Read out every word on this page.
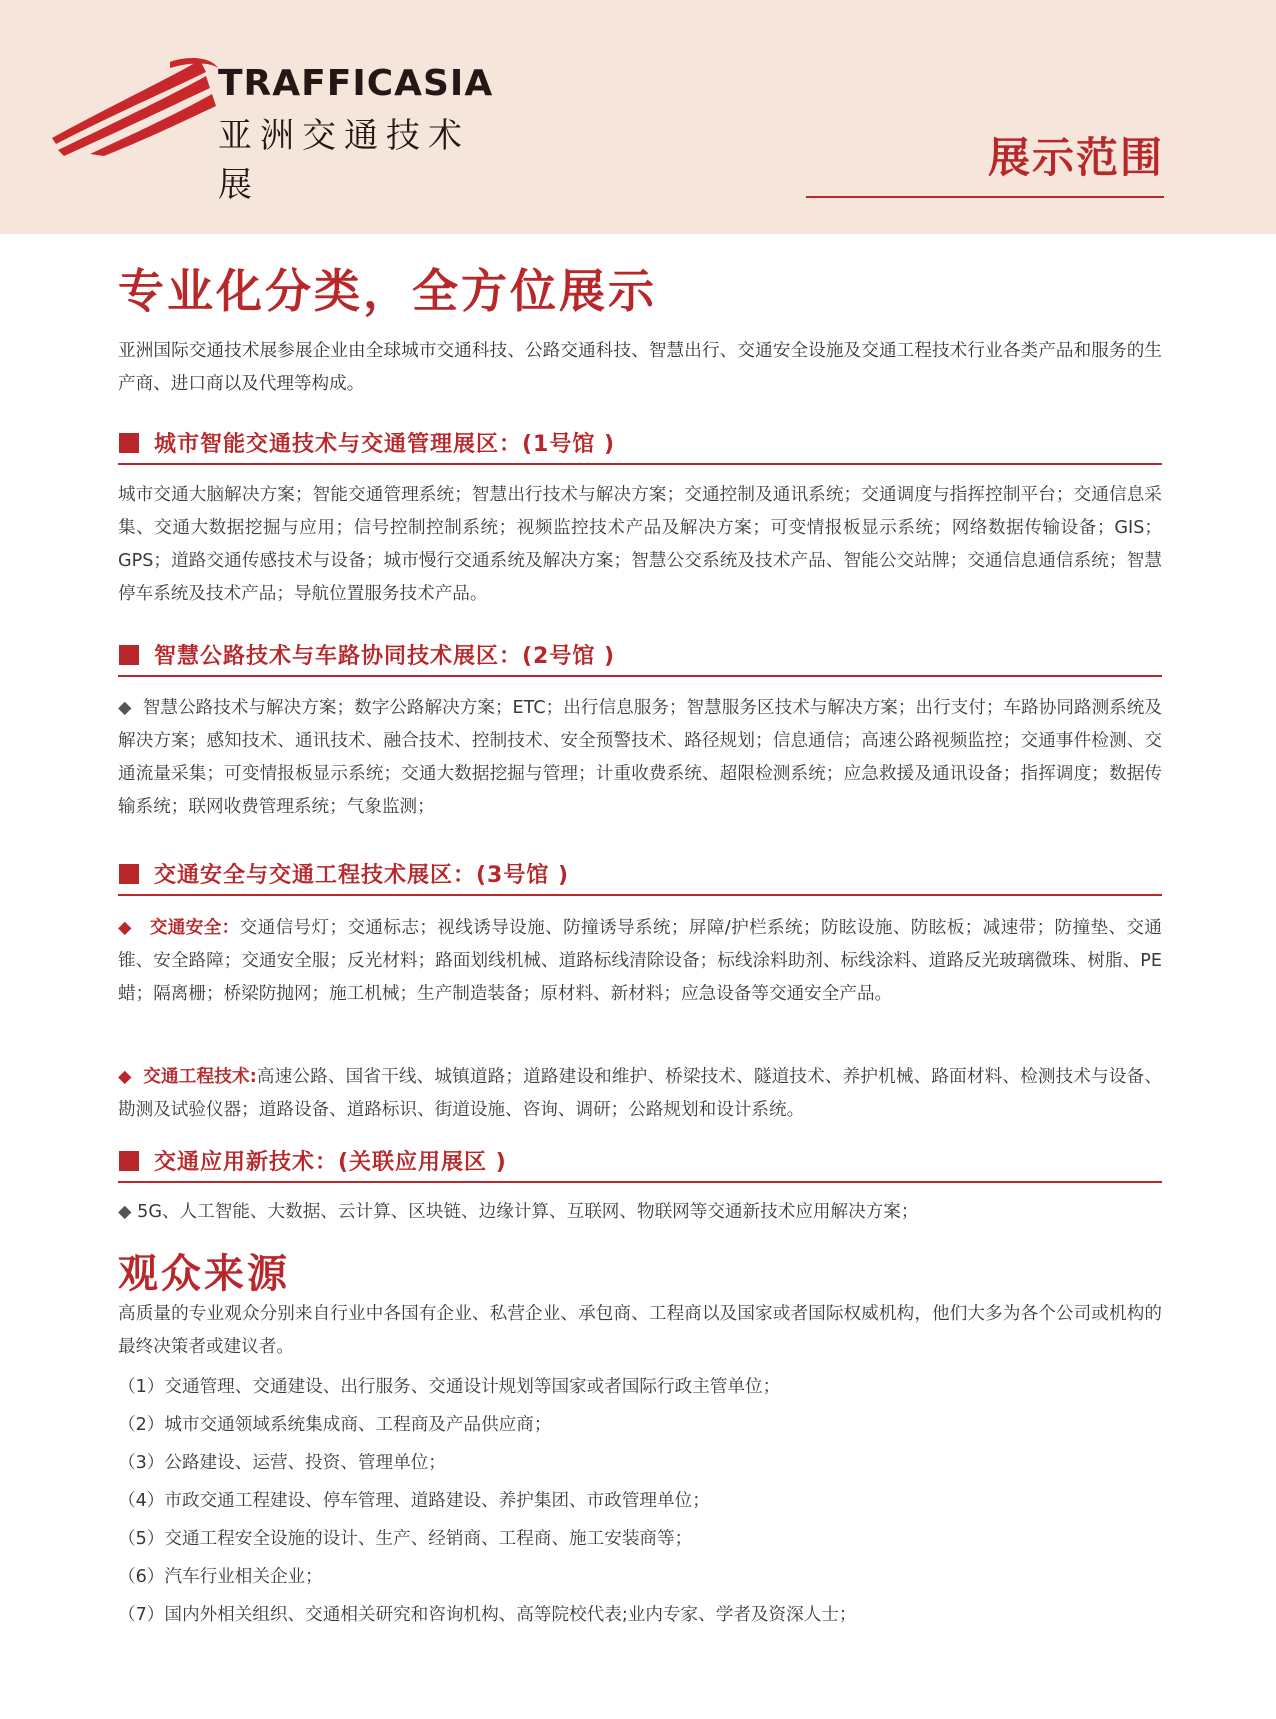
TRAFFICASIA
亚洲交通技术展
展示范围
专业化分类，全方位展示

亚洲国际交通技术展参展企业由全球城市交通科技、公路交通科技、智慧出行、交通安全设施及交通工程技术行业各类产品和服务的生产商、进口商以及代理等构成。

城市智能交通技术与交通管理展区：(1号馆 )

城市交通大脑解决方案；智能交通管理系统；智慧出行技术与解决方案；交通控制及通讯系统；交通调度与指挥控制平台；交通信息采集、交通大数据挖掘与应用；信号控制控制系统；视频监控技术产品及解决方案；可变情报板显示系统；网络数据传输设备；GIS；GPS；道路交通传感技术与设备；城市慢行交通系统及解决方案；智慧公交系统及技术产品、智能公交站牌；交通信息通信系统；智慧停车系统及技术产品；导航位置服务技术产品。

智慧公路技术与车路协同技术展区：(2号馆 )

◆ 智慧公路技术与解决方案；数字公路解决方案；ETC；出行信息服务；智慧服务区技术与解决方案；出行支付；车路协同路测系统及解决方案；感知技术、通讯技术、融合技术、控制技术、安全预警技术、路径规划；信息通信；高速公路视频监控；交通事件检测、交通流量采集；可变情报板显示系统；交通大数据挖掘与管理；计重收费系统、超限检测系统；应急救援及通讯设备；指挥调度；数据传输系统；联网收费管理系统；气象监测；

交通安全与交通工程技术展区：(3号馆 )

◆ 交通安全：交通信号灯；交通标志；视线诱导设施、防撞诱导系统；屏障/护栏系统；防眩设施、防眩板；减速带；防撞垫、交通锥、安全路障；交通安全服；反光材料；路面划线机械、道路标线清除设备；标线涂料助剂、标线涂料、道路反光玻璃微珠、树脂、PE蜡；隔离栅；桥梁防抛网；施工机械；生产制造装备；原材料、新材料；应急设备等交通安全产品。

◆ 交通工程技术:高速公路、国省干线、城镇道路；道路建设和维护、桥梁技术、隧道技术、养护机械、路面材料、检测技术与设备、勘测及试验仪器；道路设备、道路标识、街道设施、咨询、调研；公路规划和设计系统。

交通应用新技术：(关联应用展区 )

◆ 5G、人工智能、大数据、云计算、区块链、边缘计算、互联网、物联网等交通新技术应用解决方案；

观众来源

高质量的专业观众分别来自行业中各国有企业、私营企业、承包商、工程商以及国家或者国际权威机构，他们大多为各个公司或机构的最终决策者或建议者。

（1）交通管理、交通建设、出行服务、交通设计规划等国家或者国际行政主管单位；
（2）城市交通领域系统集成商、工程商及产品供应商；
（3）公路建设、运营、投资、管理单位；
（4）市政交通工程建设、停车管理、道路建设、养护集团、市政管理单位；
（5）交通工程安全设施的设计、生产、经销商、工程商、施工安装商等；
（6）汽车行业相关企业；
（7）国内外相关组织、交通相关研究和咨询机构、高等院校代表;业内专家、学者及资深人士；
